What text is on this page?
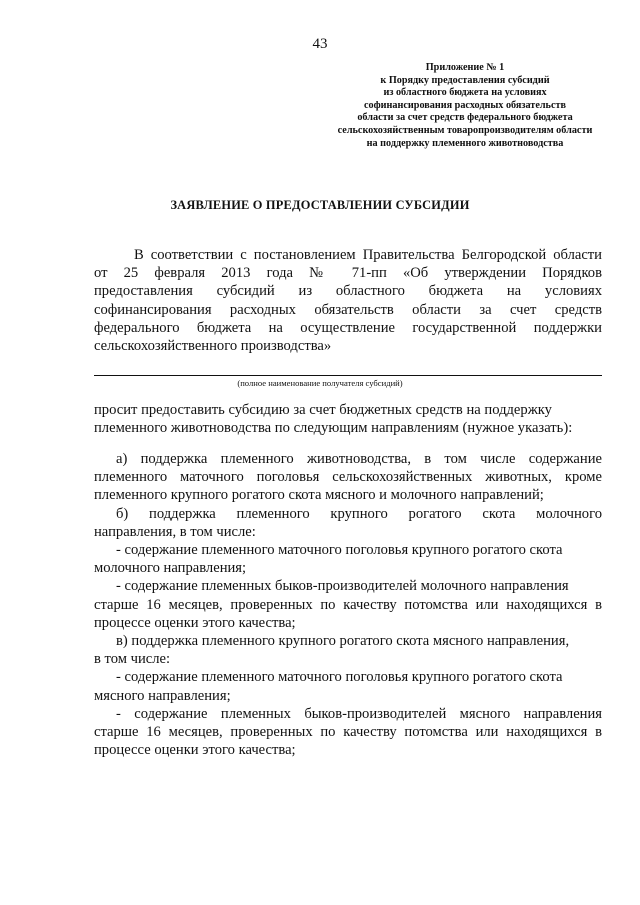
43
Приложение № 1
к Порядку предоставления субсидий
из областного бюджета на условиях
софинансирования расходных обязательств
области за счет средств федерального бюджета
сельскохозяйственным товаропроизводителям области
на поддержку племенного животноводства
ЗАЯВЛЕНИЕ О ПРЕДОСТАВЛЕНИИ СУБСИДИИ
В соответствии с постановлением Правительства Белгородской области
от 25 февраля 2013 года № 71-пп «Об утверждении Порядков
предоставления субсидий из областного бюджета на условиях
софинансирования расходных обязательств области за счет средств
федерального бюджета на осуществление государственной поддержки
сельскохозяйственного производства»
(полное наименование получателя субсидий)
просит предоставить субсидию за счет бюджетных средств на поддержку
племенного животноводства по следующим направлениям (нужное указать):
а) поддержка племенного животноводства, в том числе содержание
племенного маточного поголовья сельскохозяйственных животных, кроме
племенного крупного рогатого скота мясного и молочного направлений;
б) поддержка племенного крупного рогатого скота молочного
направления, в том числе:
- содержание племенного маточного поголовья крупного рогатого скота
молочного направления;
- содержание племенных быков-производителей молочного направления
старше 16 месяцев, проверенных по качеству потомства или находящихся в
процессе оценки этого качества;
в) поддержка племенного крупного рогатого скота мясного направления,
в том числе:
- содержание племенного маточного поголовья крупного рогатого скота
мясного направления;
- содержание племенных быков-производителей мясного направления
старше 16 месяцев, проверенных по качеству потомства или находящихся в
процессе оценки этого качества;
